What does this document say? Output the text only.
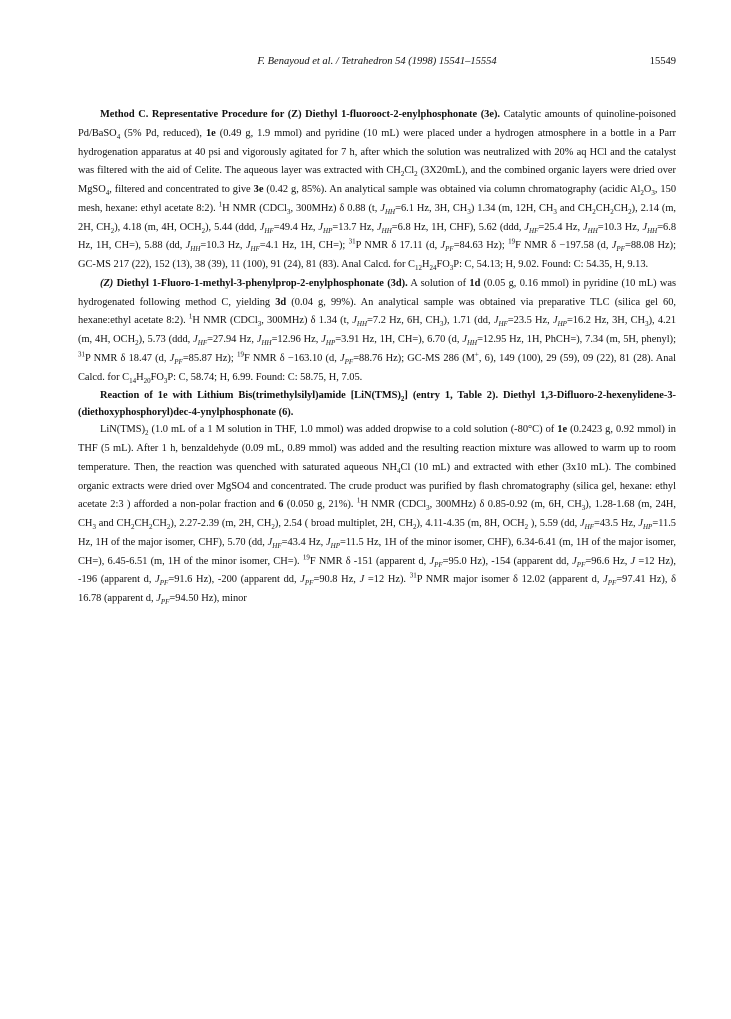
F. Benayoud et al. / Tetrahedron 54 (1998) 15541–15554	15549

Method C. Representative Procedure for (Z) Diethyl 1-fluorooct-2-enylphosphonate (3e). Catalytic amounts of quinoline-poisoned Pd/BaSO$_4$ (5% Pd, reduced), 1e (0.49 g, 1.9 mmol) and pyridine (10 mL) were placed under a hydrogen atmosphere in a bottle in a Parr hydrogenation apparatus at 40 psi and vigorously agitated for 7 h, after which the solution was neutralized with 20% aq HCl and the catalyst was filtered with the aid of Celite. The aqueous layer was extracted with $CH_2Cl_2$ (3X20mL), and the combined organic layers were dried over MgSO$_4$, filtered and concentrated to give 3e (0.42 g, 85%). An analytical sample was obtained via column chromatography (acidic $Al_2O_3$, 150 mesh, hexane: ethyl acetate 8:2). $^1$H NMR (CDCl$_3$, 300MHz) δ 0.88 (t, $J_{HH}=6.1$ Hz, 3H, $CH_3$) 1.34 (m, 12H, $CH_3$ and $CH_2CH_2CH_2$), 2.14 (m, 2H, $CH_2$), 4.18 (m, 4H, $OCH_2$), 5.44 (ddd, $J_{HF}=49.4$ Hz, $J_{HP}=13.7$ Hz, $J_{HH}=6.8$ Hz, 1H, CHF), 5.62 (ddd, $J_{HF}=25.4$ Hz, $J_{HH}=10.3$ Hz, $J_{HH}=6.8$ Hz, 1H, CH=), 5.88 (dd, $J_{HH}=10.3$ Hz, $J_{HF}=4.1$ Hz, 1H, CH=); $^{31}$P NMR δ 17.11 (d, $J_{PF}=84.63$ Hz); $^{19}$F NMR δ −197.58 (d, $J_{PF}=88.08$ Hz); GC-MS 217 (22), 152 (13), 38 (39), 11 (100), 91 (24), 81 (83). Anal Calcd. for $C_{12}H_{24}FO_3P$: C, 54.13; H, 9.02. Found: C: 54.35, H, 9.13.

(Z) Diethyl 1-Fluoro-1-methyl-3-phenylprop-2-enylphosphonate (3d). A solution of 1d (0.05 g, 0.16 mmol) in pyridine (10 mL) was hydrogenated following method C, yielding 3d (0.04 g, 99%). An analytical sample was obtained via preparative TLC (silica gel 60, hexane:ethyl acetate 8:2). $^1$H NMR (CDCl$_3$, 300MHz) δ 1.34 (t, $J_{HH}=7.2$ Hz, 6H, $CH_3$), 1.71 (dd, $J_{HF}=23.5$ Hz, $J_{HP}=16.2$ Hz, 3H, $CH_3$), 4.21 (m, 4H, $OCH_2$), 5.73 (ddd, $J_{HF}=27.94$ Hz, $J_{HH}=12.96$ Hz, $J_{HP}=3.91$ Hz, 1H, CH=), 6.70 (d, $J_{HH}=12.95$ Hz, 1H, PhCH=), 7.34 (m, 5H, phenyl); $^{31}$P NMR δ 18.47 (d, $J_{PF}=85.87$ Hz); $^{19}$F NMR δ −163.10 (d, $J_{PF}=88.76$ Hz); GC-MS 286 (M+, 6), 149 (100), 29 (59), 09 (22), 81 (28). Anal Calcd. for $C_{14}H_{20}FO_3P$: C, 58.74; H, 6.99. Found: C: 58.75, H, 7.05.

Reaction of 1e with Lithium Bis(trimethylsilyl)amide $[LiN(TMS)_2]$ (entry 1, Table 2). Diethyl 1,3-Difluoro-2-hexenylidene-3-(diethoxyphosphoryl)dec-4-ynylphosphonate (6).

$LiN(TMS)_2$ (1.0 mL of a 1 M solution in THF, 1.0 mmol) was added dropwise to a cold solution (-80°C) of 1e (0.2423 g, 0.92 mmol) in THF (5 mL). After 1 h, benzaldehyde (0.09 mL, 0.89 mmol) was added and the resulting reaction mixture was allowed to warm up to room temperature. Then, the reaction was quenched with saturated aqueous $NH_4Cl$ (10 mL) and extracted with ether (3x10 mL). The combined organic extracts were dried over MgSO4 and concentrated. The crude product was purified by flash chromatography (silica gel, hexane: ethyl acetate 2:3 ) afforded a non-polar fraction and 6 (0.050 g, 21%). $^1$H NMR (CDCl$_3$, 300MHz) δ 0.85-0.92 (m, 6H, $CH_3$), 1.28-1.68 (m, 24H, $CH_3$ and $CH_2CH_2CH_2$), 2.27-2.39 (m, 2H, $CH_2$), 2.54 ( broad multiplet, 2H, $CH_2$), 4.11-4.35 (m, 8H, $OCH_2$ ), 5.59 (dd, $J_{HF}=43.5$ Hz, $J_{HP}=11.5$ Hz, 1H of the major isomer, CHF), 5.70 (dd, $J_{HF}=43.4$ Hz, $J_{HP}=11.5$ Hz, 1H of the minor isomer, CHF), 6.34-6.41 (m, 1H of the major isomer, CH=), 6.45-6.51 (m, 1H of the minor isomer, CH=). $^{19}$F NMR δ -151 (apparent d, $J_{PF}=95.0$ Hz), -154 (apparent dd, $J_{PF}=96.6$ Hz, J =12 Hz), -196 (apparent d, $J_{PF}=91.6$ Hz), -200 (apparent dd, $J_{PF}=90.8$ Hz, J =12 Hz). $^{31}$P NMR major isomer δ 12.02 (apparent d, $J_{PF}=97.41$ Hz), δ 16.78 (apparent d, $J_{PF}=94.50$ Hz), minor
